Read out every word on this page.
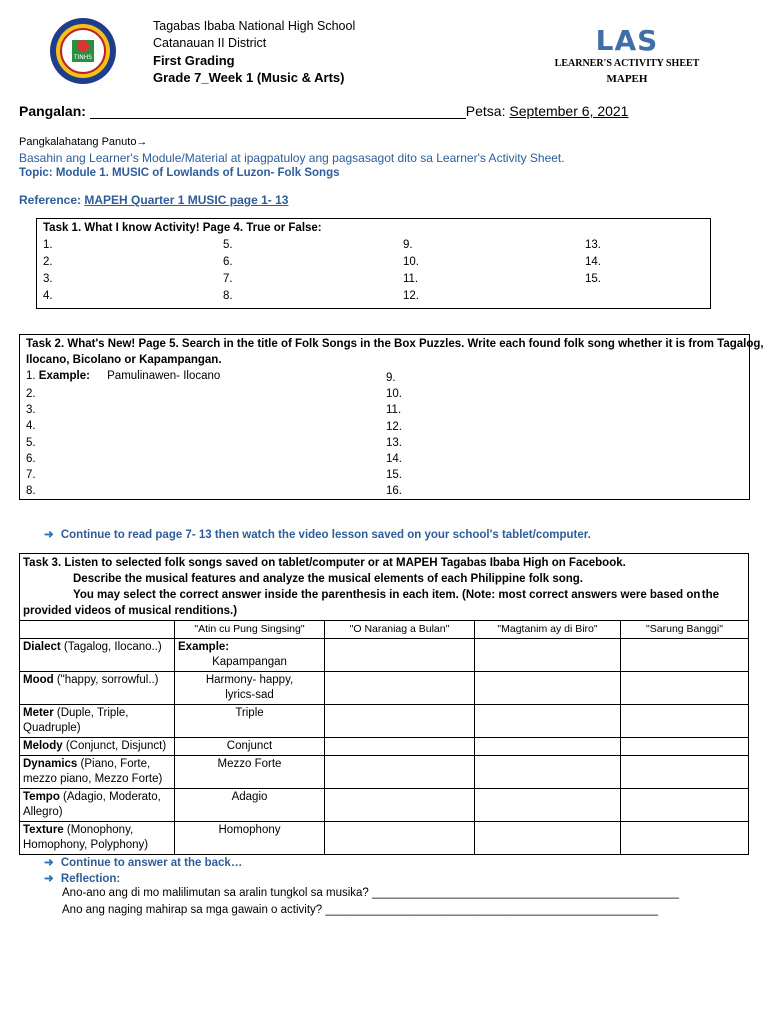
TINHS
Tagabas Ibaba National High School
Catanauan II District
First Grading
Grade 7_Week 1 (Music & Arts)
LAS
LEARNER'S ACTIVITY SHEET
MAPEH
Pangalan:	Petsa: September 6, 2021
Pangkalahatang Panuto→
Basahin ang Learner's Module/Material at ipagpatuloy ang pagsasagot dito sa Learner's Activity Sheet.
Topic: Module 1. MUSIC of Lowlands of Luzon- Folk Songs
Reference: MAPEH Quarter 1 MUSIC page 1- 13
Task 1. What I know Activity! Page 4. True or False:
1.
2.
3.
4.
5.
6.
7.
8.
9.
10.
11.
12.
13.
14.
15.
Task 2. What's New! Page 5. Search in the title of Folk Songs in the Box Puzzles. Write each found folk song whether it is from Tagalog,
Ilocano, Bicolano or Kapampangan.
1. Example: Pamulinawen- Ilocano
2.
3.
4.
5.
6.
7.
8.
9.
10.
11.
12.
13.
14.
15.
16.
➜ Continue to read page 7- 13 then watch the video lesson saved on your school's tablet/computer.
Task 3. Listen to selected folk songs saved on tablet/computer or at MAPEH Tagabas Ibaba High on Facebook.
Describe the musical features and analyze the musical elements of each Philippine folk song.
You may select the correct answer inside the parenthesis in each item. (Note: most correct answers were based on the
provided videos of musical renditions.)				

	"Atin cu Pung Singsing"	"O Naraniag a Bulan"	"Magtanim ay di Biro"	"Sarung Banggi"
Dialect (Tagalog, Ilocano..)	Example:
Kapampangan			

Mood ("happy, sorrowful..)	Harmony- happy, lyrics-sad			

Meter (Duple, Triple, Quadruple)	Triple			
Melody (Conjunct, Disjunct)	Conjunct			
Dynamics (Piano, Forte, mezzo piano, Mezzo Forte)	Mezzo Forte			
Tempo (Adagio, Moderato, Allegro)	Adagio			
Texture (Monophony, Homophony, Polyphony)	Homophony			
➜ Continue to answer at the back…
➜ Reflection:
Ano-ano ang di mo malilimutan sa aralin tungkol sa musika? ________________________________________________
Ano ang naging mahirap sa mga gawain o activity? ____________________________________________________
